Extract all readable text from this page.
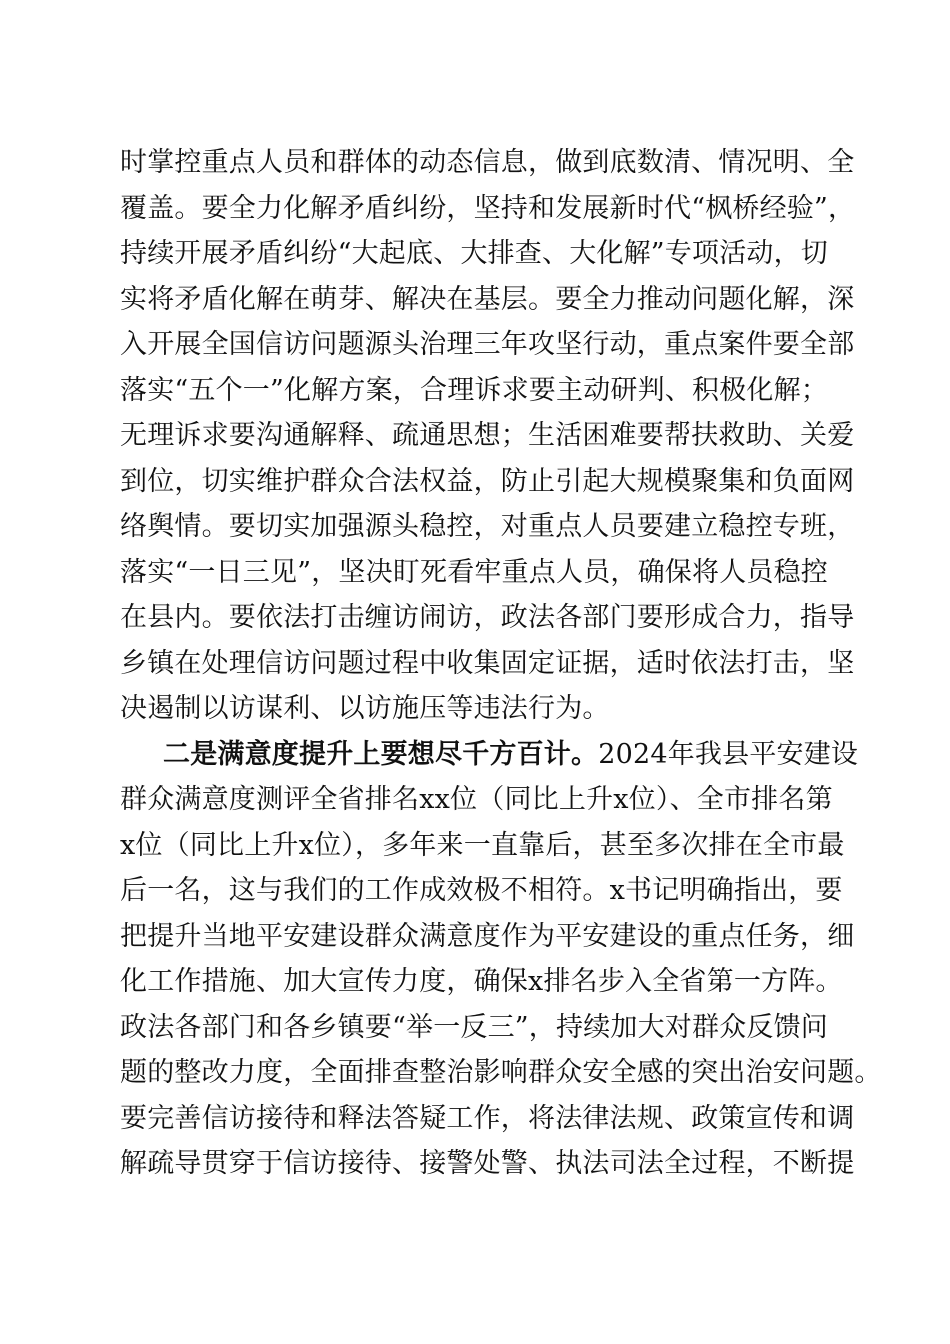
时掌控重点人员和群体的动态信息，做到底数清、情况明、全
覆盖。要全力化解矛盾纠纷，坚持和发展新时代“枫桥经验”，
持续开展矛盾纠纷“大起底、大排查、大化解”专项活动，切
实将矛盾化解在萌芽、解决在基层。要全力推动问题化解，深
入开展全国信访问题源头治理三年攻坚行动，重点案件要全部
落实“五个一”化解方案，合理诉求要主动研判、积极化解；
无理诉求要沟通解释、疏通思想；生活困难要帮扶救助、关爱
到位，切实维护群众合法权益，防止引起大规模聚集和负面网
络舆情。要切实加强源头稳控，对重点人员要建立稳控专班，
落实“一日三见”，坚决盯死看牢重点人员，确保将人员稳控
在县内。要依法打击缠访闹访，政法各部门要形成合力，指导
乡镇在处理信访问题过程中收集固定证据，适时依法打击，坚
决遏制以访谋利、以访施压等违法行为。
二是满意度提升上要想尽千方百计。2024年我县平安建设
群众满意度测评全省排名xx位（同比上升x位）、全市排名第
x位（同比上升x位），多年来一直靠后，甚至多次排在全市最
后一名，这与我们的工作成效极不相符。x书记明确指出，要
把提升当地平安建设群众满意度作为平安建设的重点任务，细
化工作措施、加大宣传力度，确保x排名步入全省第一方阵。
政法各部门和各乡镇要“举一反三”，持续加大对群众反馈问
题的整改力度，全面排查整治影响群众安全感的突出治安问题。
要完善信访接待和释法答疑工作，将法律法规、政策宣传和调
解疏导贯穿于信访接待、接警处警、执法司法全过程，不断提
